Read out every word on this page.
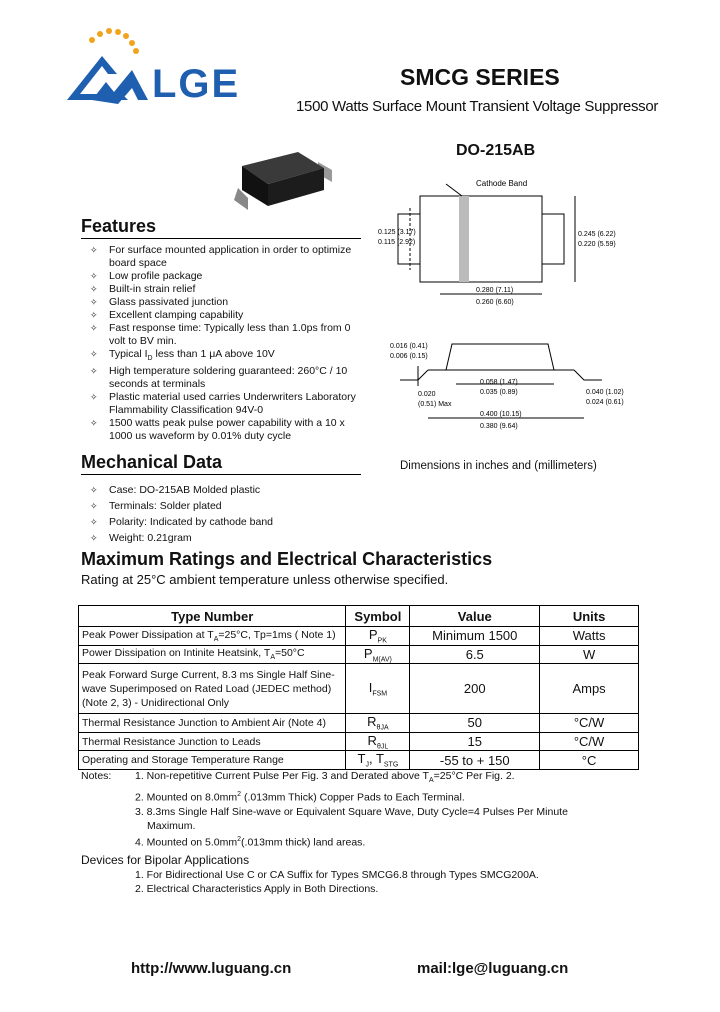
LGE	SMCG SERIES
1500 Watts Surface Mount Transient Voltage Suppressor
DO-215AB
Cathode Band
0.125 (3.17)
0.115 (2.92)
0.245 (6.22)
0.220 (5.59)
0.280 (7.11)
0.260 (6.60)
0.016 (0.41)
0.006 (0.15)
0.058 (1.47)
0.035 (0.89)
0.020
(0.51) Max
0.040 (1.02)
0.024 (0.61)
0.400 (10.15)
0.380 (9.64)
Dimensions in inches and (millimeters)
Features
✧ For surface mounted application in order to optimize board space
✧ Low profile package
✧ Built-in strain relief
✧ Glass passivated junction
✧ Excellent clamping capability
✧ Fast response time: Typically less than 1.0ps from 0 volt to BV min.
✧ Typical $I_D$ less than 1 μA above 10V
✧ High temperature soldering guaranteed: 260°C / 10 seconds at terminals
✧ Plastic material used carries Underwriters Laboratory Flammability Classification 94V-0
✧ 1500 watts peak pulse power capability with a 10 x 1000 us waveform by 0.01% duty cycle
Mechanical Data
✧ Case: DO-215AB Molded plastic
✧ Terminals: Solder plated
✧ Polarity: Indicated by cathode band
✧ Weight: 0.21gram
Maximum Ratings and Electrical Characteristics
Rating at 25°C ambient temperature unless otherwise specified.
Type Number	Symbol	Value	Units
Peak Power Dissipation at $T_A=25^\circ C$, Tp=1ms ( Note 1)	$P_{PK}$	Minimum 1500	Watts
Power Dissipation on Intinite Heatsink, $T_A=50^\circ C$	$P_{M(AV)}$	6.5	W
Peak Forward Surge Current, 8.3 ms Single Half Sine-wave Superimposed on Rated Load (JEDEC method) (Note 2, 3) - Unidirectional Only	$I_{FSM}$	200	Amps
Thermal Resistance Junction to Ambient Air (Note 4)	$R_{\theta JA}$	50	°C/W
Thermal Resistance Junction to Leads	$R_{\theta JL}$	15	°C/W
Operating and Storage Temperature Range	$T_J$, $T_{STG}$	-55 to + 150	°C
Notes: 1. Non-repetitive Current Pulse Per Fig. 3 and Derated above $T_A=25^\circ C$ Per Fig. 2.
2. Mounted on $8.0mm^2$ (.013mm Thick) Copper Pads to Each Terminal.
3. 8.3ms Single Half Sine-wave or Equivalent Square Wave, Duty Cycle=4 Pulses Per Minute
Maximum.
4. Mounted on $5.0mm^2(.013mm$ thick) land areas.
Devices for Bipolar Applications
1. For Bidirectional Use C or CA Suffix for Types SMCG6.8 through Types SMCG200A.
2. Electrical Characteristics Apply in Both Directions.
http://www.luguang.cn	mail:lge@luguang.cn
